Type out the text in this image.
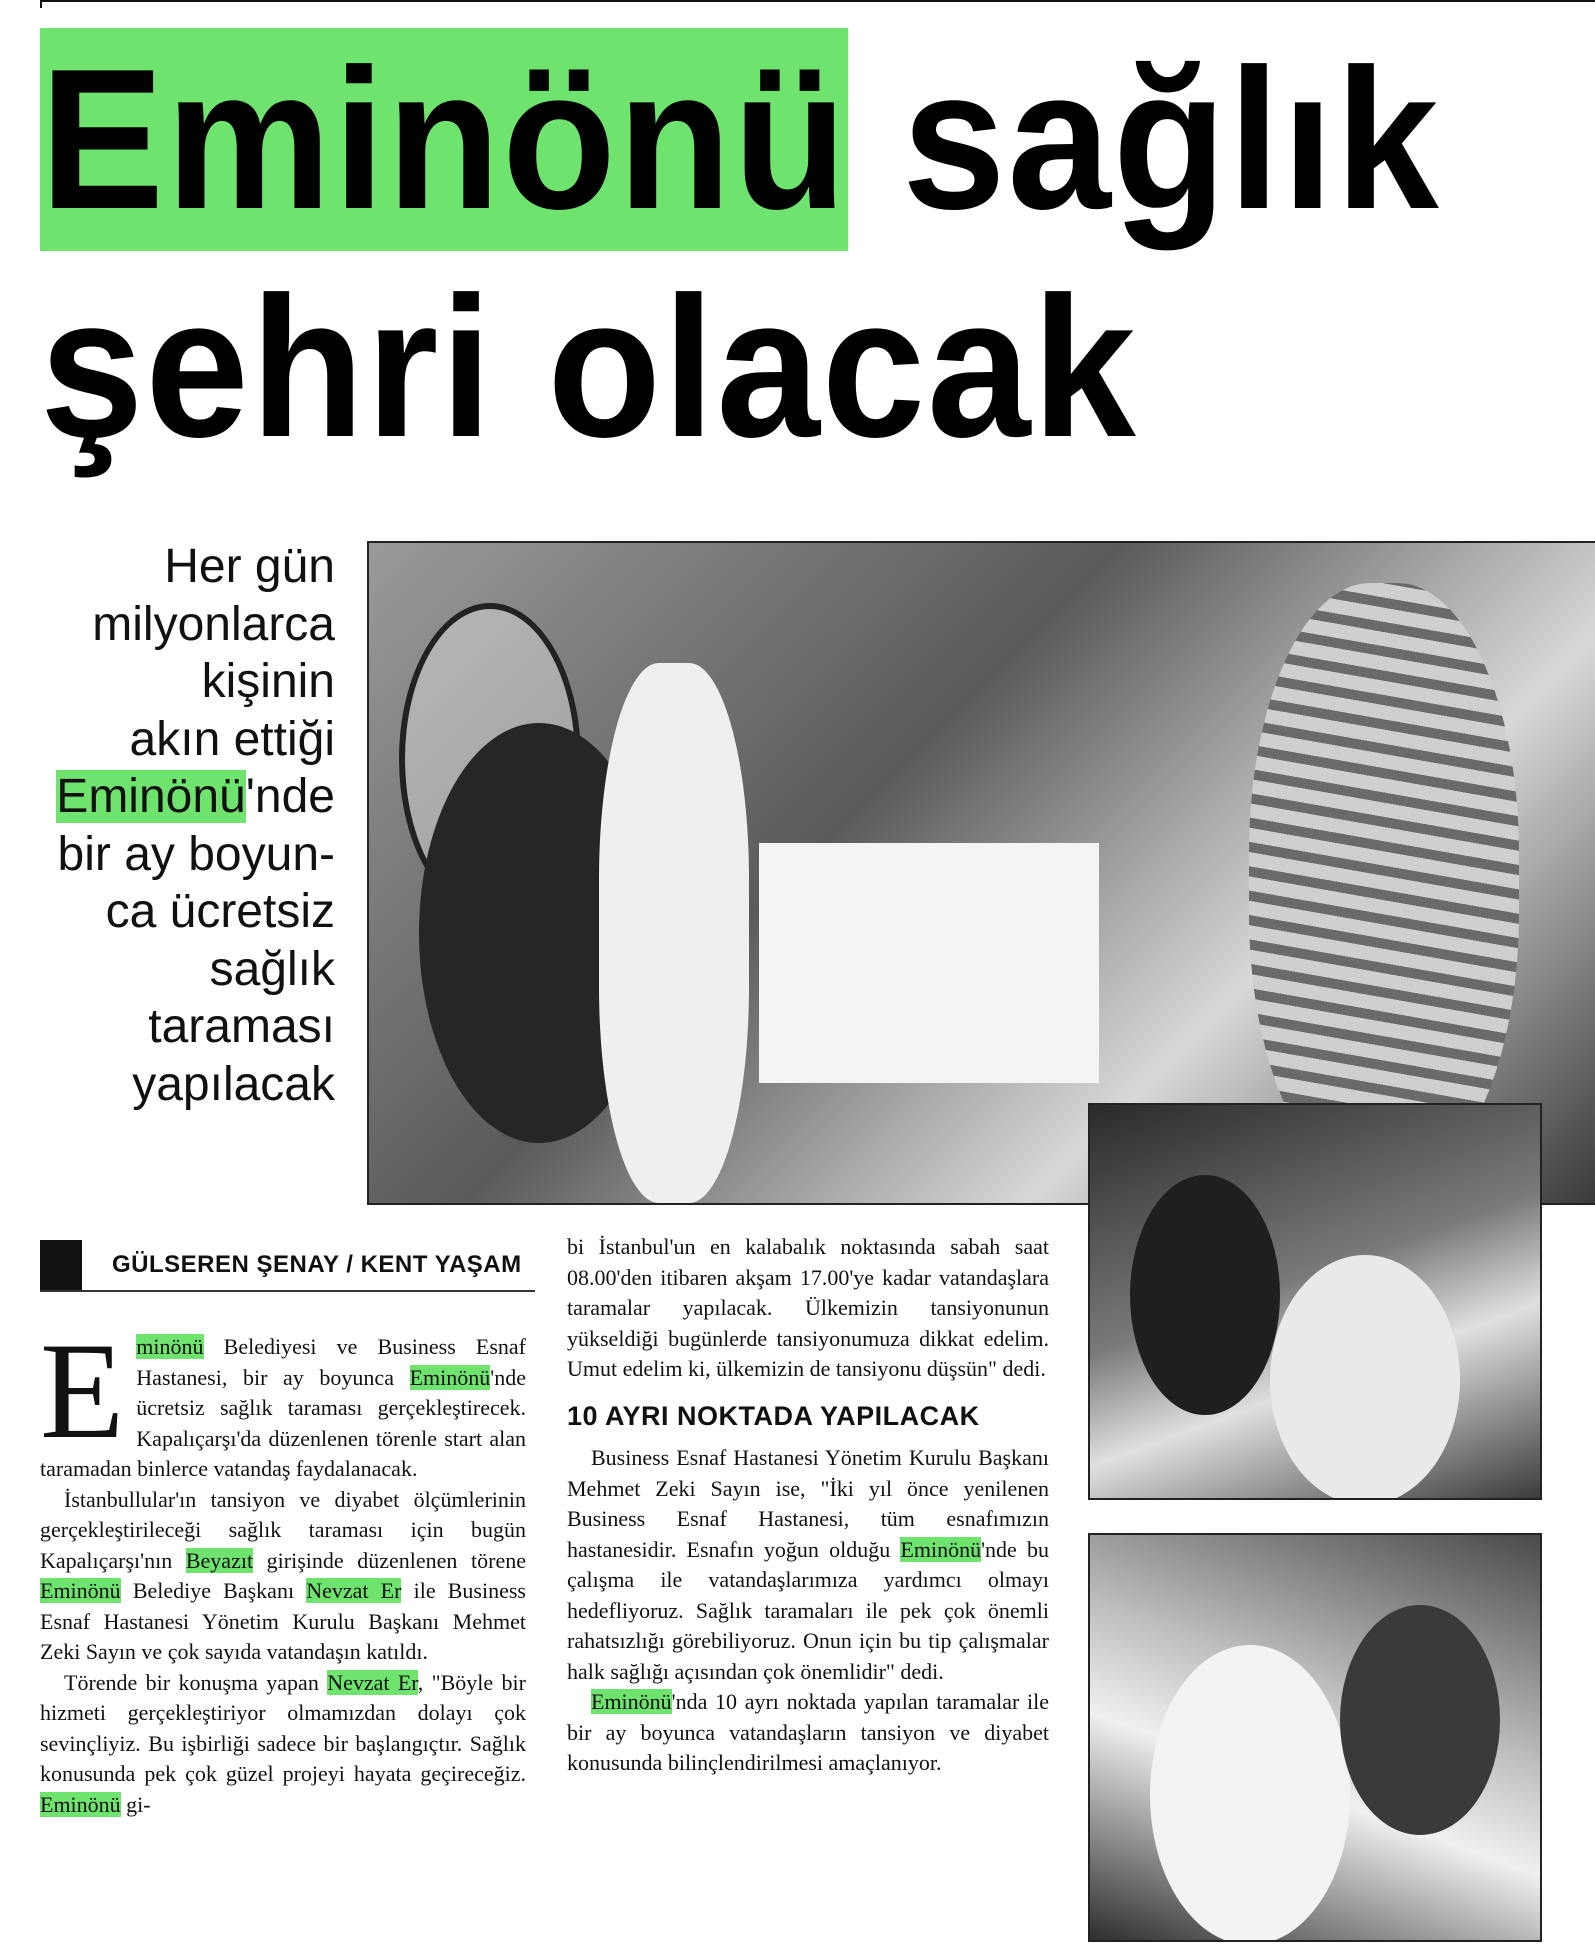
Eminönü sağlık
şehri olacak
Her gün
milyonlarca
kişinin
akın ettiği
Eminönü'nde
bir ay boyun-
ca ücretsiz
sağlık
taraması
yapılacak
GÜLSEREN ŞENAY / KENT YAŞAM

Eminönü Belediyesi ve Business Esnaf Hastanesi, bir ay boyunca Eminönü'nde ücretsiz sağlık taraması gerçekleştirecek. Kapalıçarşı'da düzenlenen törenle start alan taramadan binlerce vatandaş faydalanacak.

İstanbullular'ın tansiyon ve diyabet ölçümlerinin gerçekleştirileceği sağlık taraması için bugün Kapalıçarşı'nın Beyazıt girişinde düzenlenen törene Eminönü Belediye Başkanı Nevzat Er ile Business Esnaf Hastanesi Yönetim Kurulu Başkanı Mehmet Zeki Sayın ve çok sayıda vatandaşın katıldı.

Törende bir konuşma yapan Nevzat Er, "Böyle bir hizmeti gerçekleştiriyor olmamızdan dolayı çok sevinçliyiz. Bu işbirliği sadece bir başlangıçtır. Sağlık konusunda pek çok güzel projeyi hayata geçireceğiz. Eminönü gi-

bi İstanbul'un en kalabalık noktasında sabah saat 08.00'den itibaren akşam 17.00'ye kadar vatandaşlara taramalar yapılacak. Ülkemizin tansiyonunun yükseldiği bugünlerde tansiyonumuza dikkat edelim. Umut edelim ki, ülkemizin de tansiyonu düşsün" dedi.

10 AYRI NOKTADA YAPILACAK

Business Esnaf Hastanesi Yönetim Kurulu Başkanı Mehmet Zeki Sayın ise, "İki yıl önce yenilenen Business Esnaf Hastanesi, tüm esnafımızın hastanesidir. Esnafın yoğun olduğu Eminönü'nde bu çalışma ile vatandaşlarımıza yardımcı olmayı hedefliyoruz. Sağlık taramaları ile pek çok önemli rahatsızlığı görebiliyoruz. Onun için bu tip çalışmalar halk sağlığı açısından çok önemlidir" dedi.

Eminönü'nda 10 ayrı noktada yapılan taramalar ile bir ay boyunca vatandaşların tansiyon ve diyabet konusunda bilinçlendirilmesi amaçlanıyor.
